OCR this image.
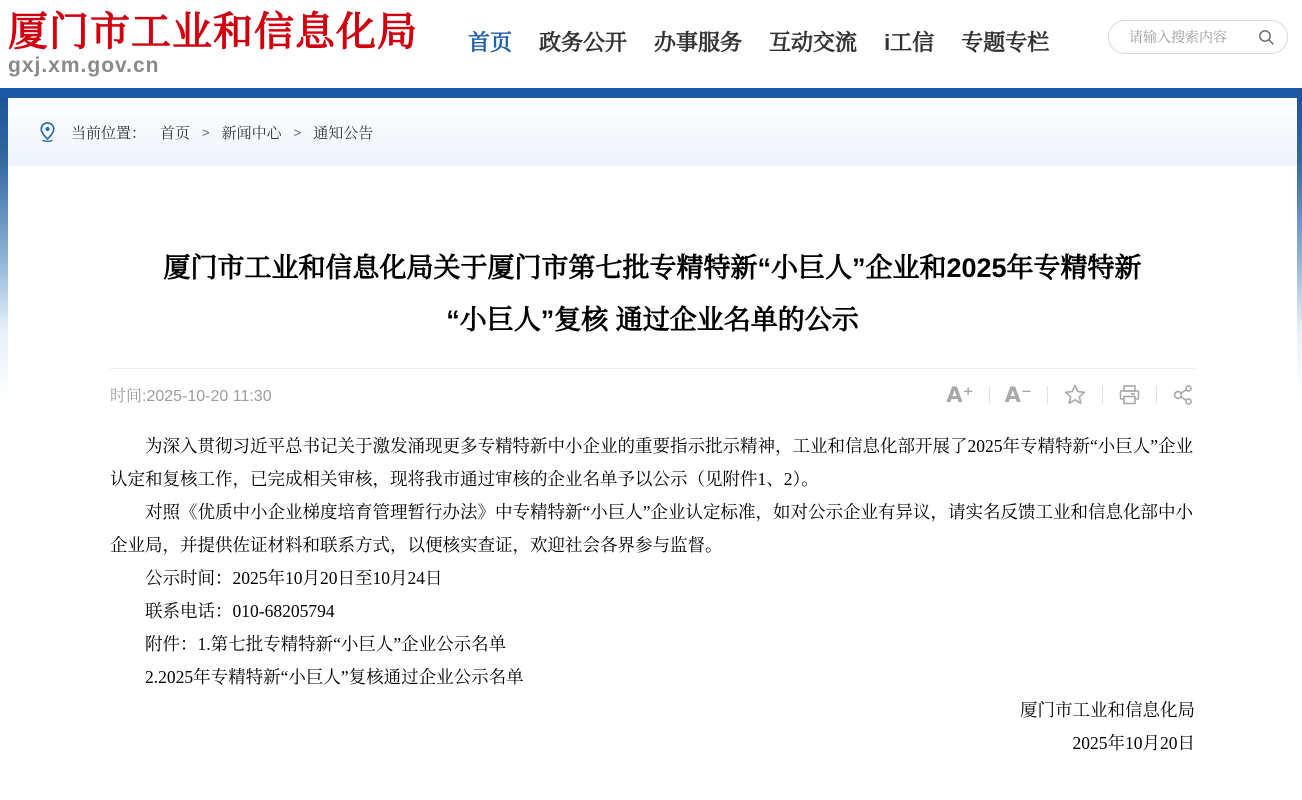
厦门市工业和信息化局
gxj.xm.gov.cn
首页 政务公开 办事服务 互动交流 i工信 专题专栏
请输入搜索内容
当前位置： 首页 > 新闻中心 > 通知公告
厦门市工业和信息化局关于厦门市第七批专精特新“小巨人”企业和2025年专精特新
“小巨人”复核 通过企业名单的公示
时间:2025-10-20 11:30	A⁺ A⁻

为深入贯彻习近平总书记关于激发涌现更多专精特新中小企业的重要指示批示精神，工业和信息化部开展了2025年专精特新“小巨人”企业认定和复核工作，已完成相关审核，现将我市通过审核的企业名单予以公示（见附件1、2）。

对照《优质中小企业梯度培育管理暂行办法》中专精特新“小巨人”企业认定标准，如对公示企业有异议，请实名反馈工业和信息化部中小企业局，并提供佐证材料和联系方式，以便核实查证，欢迎社会各界参与监督。

公示时间：2025年10月20日至10月24日

联系电话：010-68205794

附件：1.第七批专精特新“小巨人”企业公示名单

2.2025年专精特新“小巨人”复核通过企业公示名单

厦门市工业和信息化局
2025年10月20日
